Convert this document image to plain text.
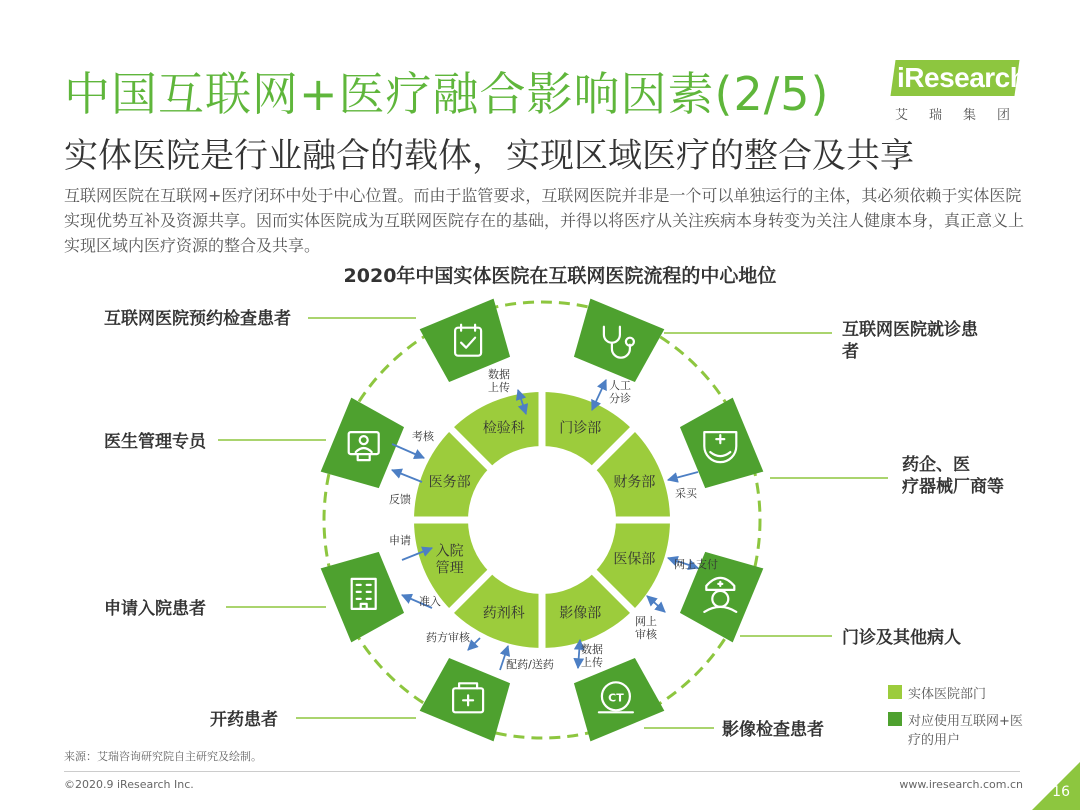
中国互联网+医疗融合影响因素(2/5) iResearch
艾瑞集团
实体医院是行业融合的载体，实现区域医疗的整合及共享
互联网医院在互联网+医疗闭环中处于中心位置。而由于监管要求，互联网医院并非是一个可以单独运行的主体，其必须依赖于实体医院实现优势互补及资源共享。因而实体医院成为互联网医院存在的基础，并得以将医疗从关注疾病本身转变为关注人健康本身，真正意义上实现区域内医疗资源的整合及共享。
2020年中国实体医院在互联网医院流程的中心地位
CT
检验科 门诊部
财务部
医保部
影像部
药剂科
入院管理
医务部
数据上传	人工分诊
采买
网上支付
网上审核
数据上传
配药/送药
药方审核
准入
申请
反馈
考核
互联网医院预约检查患者
互联网医院就诊患者
药企、医疗器械厂商等
门诊及其他病人
影像检查患者
开药患者
申请入院患者
医生管理专员
实体医院部门
对应使用互联网+医疗的用户
来源：艾瑞咨询研究院自主研究及绘制。
©2020.9 iResearch Inc.	www.iresearch.com.cn 16
